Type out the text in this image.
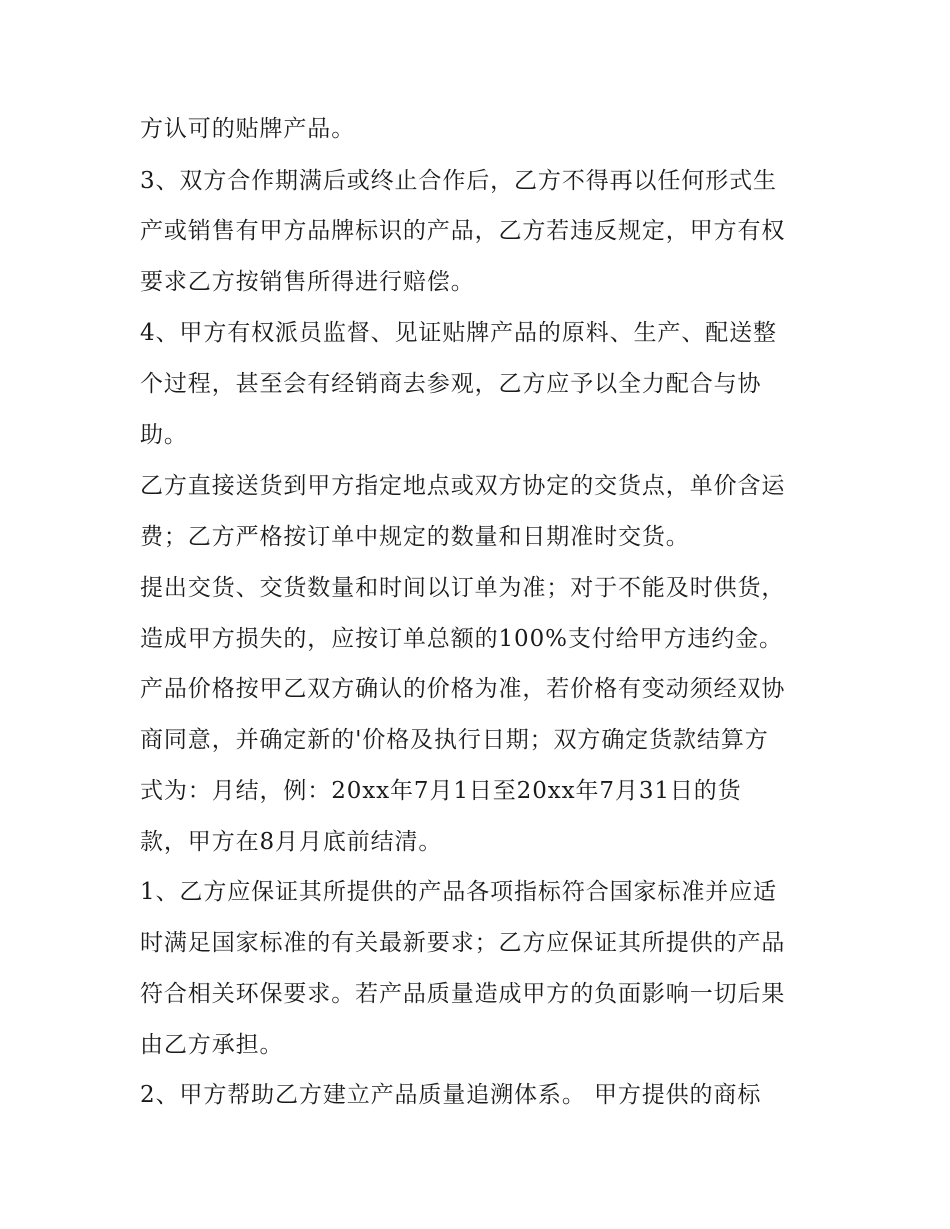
方认可的贴牌产品。
3、双方合作期满后或终止合作后，乙方不得再以任何形式生
产或销售有甲方品牌标识的产品，乙方若违反规定，甲方有权
要求乙方按销售所得进行赔偿。
4、甲方有权派员监督、见证贴牌产品的原料、生产、配送整
个过程，甚至会有经销商去参观，乙方应予以全力配合与协
助。
乙方直接送货到甲方指定地点或双方协定的交货点，单价含运
费；乙方严格按订单中规定的数量和日期准时交货。
提出交货、交货数量和时间以订单为准；对于不能及时供货，
造成甲方损失的，应按订单总额的100%支付给甲方违约金。
产品价格按甲乙双方确认的价格为准，若价格有变动须经双协
商同意，并确定新的'价格及执行日期；双方确定货款结算方
式为：月结，例：20xx年7月1日至20xx年7月31日的货
款，甲方在8月月底前结清。
1、乙方应保证其所提供的产品各项指标符合国家标准并应适
时满足国家标准的有关最新要求；乙方应保证其所提供的产品
符合相关环保要求。若产品质量造成甲方的负面影响一切后果
由乙方承担。
2、甲方帮助乙方建立产品质量追溯体系。 甲方提供的商标
